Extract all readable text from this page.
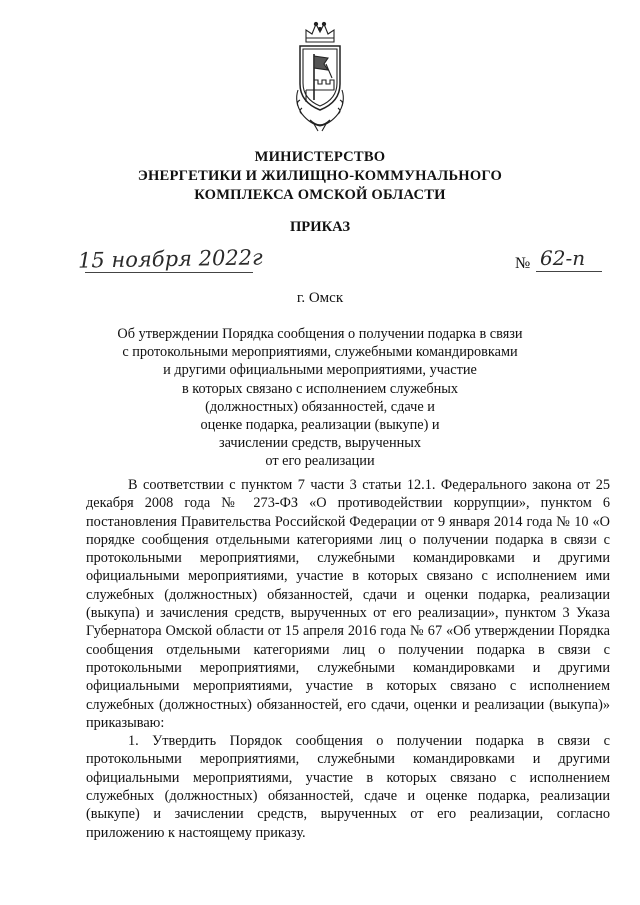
МИНИСТЕРСТВО
ЭНЕРГЕТИКИ И ЖИЛИЩНО-КОММУНАЛЬНОГО
КОМПЛЕКСА ОМСКОЙ ОБЛАСТИ
ПРИКАЗ
15 ноября 2022г	№ 62-п
г. Омск
Об утверждении Порядка сообщения о получении подарка в связи
с протокольными мероприятиями, служебными командировками
и другими официальными мероприятиями, участие
в которых связано с исполнением служебных
(должностных) обязанностей, сдаче и
оценке подарка, реализации (выкупе) и
зачислении средств, вырученных
от его реализации

В соответствии с пунктом 7 части 3 статьи 12.1. Федерального закона от 25 декабря 2008 года № 273-ФЗ «О противодействии коррупции», пунктом 6 постановления Правительства Российской Федерации от 9 января 2014 года № 10 «О порядке сообщения отдельными категориями лиц о получении подарка в связи с протокольными мероприятиями, служебными командировками и другими официальными мероприятиями, участие в которых связано с исполнением ими служебных (должностных) обязанностей, сдачи и оценки подарка, реализации (выкупа) и зачисления средств, вырученных от его реализации», пунктом 3 Указа Губернатора Омской области от 15 апреля 2016 года № 67 «Об утверждении Порядка сообщения отдельными категориями лиц о получении подарка в связи с протокольными мероприятиями, служебными командировками и другими официальными мероприятиями, участие в которых связано с исполнением служебных (должностных) обязанностей, его сдачи, оценки и реализации (выкупа)» приказываю:

1. Утвердить Порядок сообщения о получении подарка в связи с протокольными мероприятиями, служебными командировками и другими официальными мероприятиями, участие в которых связано с исполнением служебных (должностных) обязанностей, сдаче и оценке подарка, реализации (выкупе) и зачислении средств, вырученных от его реализации, согласно приложению к настоящему приказу.
